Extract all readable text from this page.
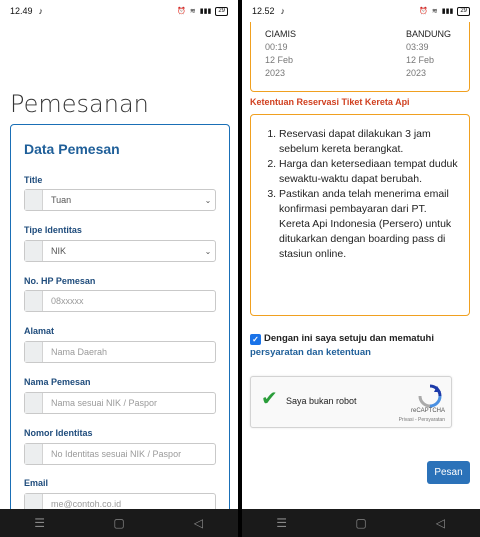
12.49 ♪	⏰ ≋ ▮▮▮	29
Pemesanan
Data Pemesan
Title
Tuan	⌄
Tipe Identitas
NIK	⌄
No. HP Pemesan
08xxxxx
Alamat
Nama Daerah
Nama Pemesan
Nama sesuai NIK / Paspor
Nomor Identitas
No Identitas sesuai NIK / Paspor
Email
me@contoh.co.id
☰	▢	◁
12.52 ♪	⏰ ≋ ▮▮▮	29
CIAMIS
00:19
12 Feb
2023
BANDUNG
03:39
12 Feb
2023
Ketentuan Reservasi Tiket Kereta Api
1. Reservasi dapat dilakukan 3 jam sebelum kereta berangkat.
2. Harga dan ketersediaan tempat duduk sewaktu-waktu dapat berubah.
3. Pastikan anda telah menerima email konfirmasi pembayaran dari PT. Kereta Api Indonesia (Persero) untuk ditukarkan dengan boarding pass di stasiun online.
✓ Dengan ini saya setuju dan mematuhi
persyaratan dan ketentuan
✔ Saya bukan robot
reCAPTCHA
Privasi - Persyaratan
Pesan
☰	▢	◁
